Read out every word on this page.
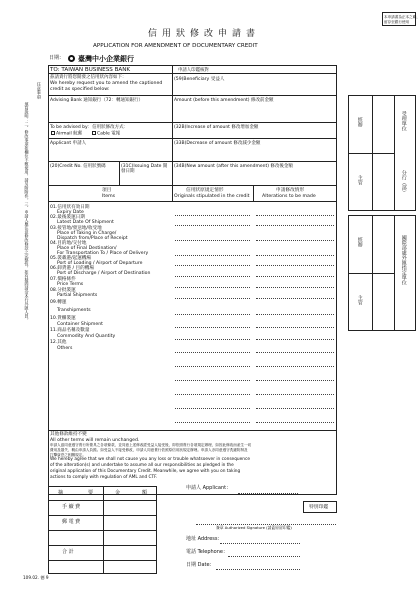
本申請書為正本之聯，
留存至銀行使用
信用狀修改申請書
APPLICATION FOR AMENDMENT OF DOCUMENTARY CREDIT
日期： 臺灣中小企業銀行
TO: TAIWAN BUSINESS BANK	申請人印鑑核對
茲請貴行將您開發之信用狀內容如下：
We hereby request you to amend the captioned
credit as specified below:
(59)Beneficiary 受益人
Advising Bank 通知銀行（72：轉通知銀行）	Amount (before this amendment) 修改前金額
To be advised by：信用狀修改方式：
Airmail 航郵	Cable 電報
(32B)Increase of amount 修改增加金額
Applicant 申請人	(33B)Decrease of amount 修改減少金額
(20)Credit No. 信用狀號碼	(31C)Issuing Date 開發日期
(34B)New amount (after this amendment) 修改後金額
項目
Items
信用狀原規定情形
Originals stipulated in the credit
申請修改情形
Alterations to be made
01.信用狀有效日期
Expiry Date
02.最後裝運日期
Latest Date Of Shipment
03.接管地/發送地/收受地
Place of Taking in Charge/
Dispatch from/Place of Receipt
04.目的地/交付地
Place of Final Destination/
For Transportation To / Place of Delivery
05.裝載港/起運機場
Port of Loading / Airport of Departure
06.卸貨港 / 目的機場
Port of Discharge / Airport of Destination
07.價格條件
Price Terms
08.分批裝運
Partial Shipments
09.轉運
Transhipments
10.貨櫃裝運
Container Shipment
11.商品名稱及數量
Commodity And Quantity
12.其他
Others
其他條款維持不變
All other terms will remain unchanged.
申請人茲同意遵守貴行所簽具之各項條款，並同意上述修改經受益人接受後，即依照貴行各項規定辦理，如因此修改而產生一切
費用及損失，概由申請人負擔。如受益人不接受修改，申請人同意貴行依照原信用狀規定辦理。申請人亦同意遵守洗錢防制及
打擊資恐之相關規定。
We hereby agree that we shall not cause you any loss or trouble whatsoever in consequence
of the alteration(s) and undertake to assume all our responsibilities as pledged in the
original application of this Documentary Credit. Meanwhile, we agree with you on taking
actions to comply with regulation of AML and CTF.
經辦
主管
受理單位
分行（部）
經辦
主管
國際部處外匯指定單位
注意事項
填寫說明：二、修改事項如欄位不敷使用，請另附附件。三、申請人應注意修改條款之完整性，如有疑問請洽本行外匯人員。
摘	要	金	額
手 續 費
郵 電 費
合 計
申請人 Applicant：
特別印鑑
簽章 Authorized Signature (請蓋原留印鑑)
地址 Address：
電話 Telephone：
日期 Date：
109.02. 德 9
